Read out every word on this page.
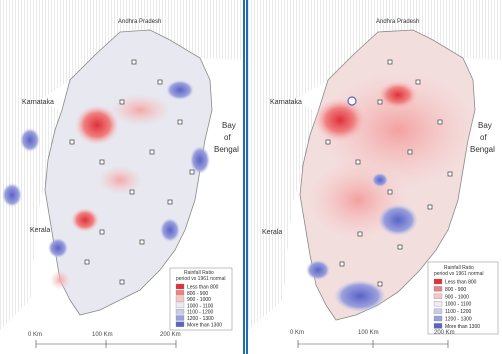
Andhra Pradesh
Karnataka
Kerala
Bay
of
Bengal
Rainfall Ratio
period vs 1961 normal
Less than 800
800 - 900
900 - 1000
1000 - 1100
1100 - 1200
1200 - 1300
More than 1300
0 Km	100 Km	200 Km
Andhra Pradesh
Karnataka
Kerala
Bay
of
Bengal
Rainfall Ratio
period vs 1961 normal
Less than 800
800 - 900
900 - 1000
1000 - 1100
1100 - 1200
1200 - 1300
More than 1300
0 Km	100 Km	200 Km
